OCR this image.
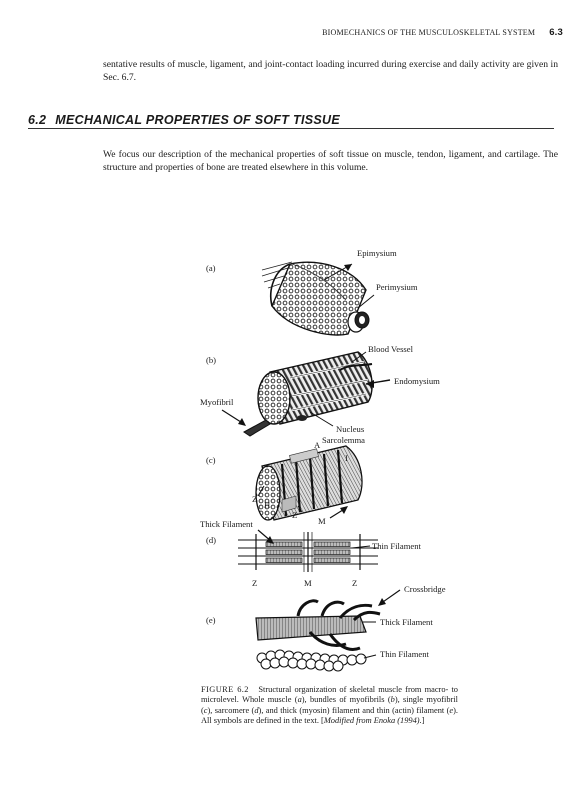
BIOMECHANICS OF THE MUSCULOSKELETAL SYSTEM 6.3
sentative results of muscle, ligament, and joint-contact loading incurred during exercise and daily activity are given in Sec. 6.7.
6.2 MECHANICAL PROPERTIES OF SOFT TISSUE
We focus our description of the mechanical properties of soft tissue on muscle, tendon, ligament, and cartilage. The structure and properties of bone are treated elsewhere in this volume.
(a)
(b)
(c)
(d)
(e)
Epimysium
Perimysium
Blood Vessel
Endomysium
Myofibril
Nucleus
Sarcolemma
A
I
Z
H
Z
M
Thick Filament
Thin Filament
Z	M	Z
Crossbridge
Thick Filament
Thin Filament
FIGURE 6.2 Structural organization of skeletal muscle from macro- to microlevel. Whole muscle (a), bundles of myofibrils (b), single myofibril (c), sarcomere (d), and thick (myosin) filament and thin (actin) filament (e). All symbols are defined in the text. [Modified from Enoka (1994).]
